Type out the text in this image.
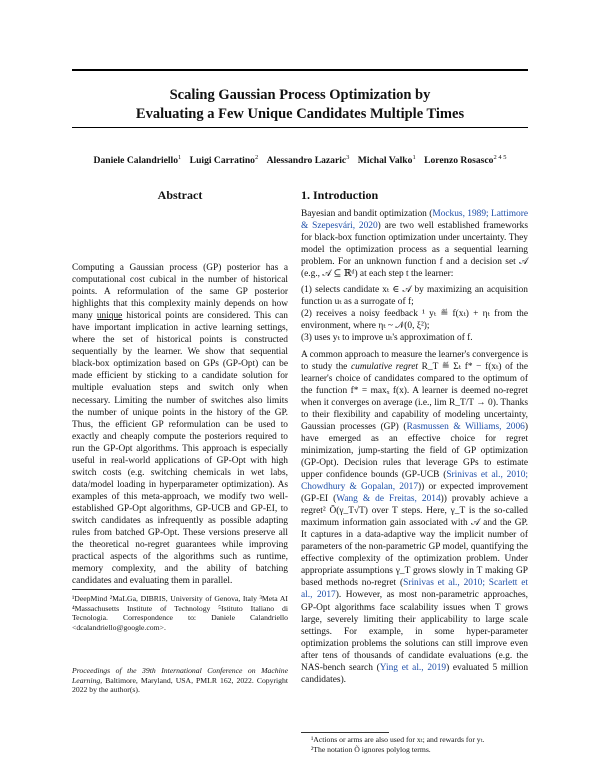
Scaling Gaussian Process Optimization by
Evaluating a Few Unique Candidates Multiple Times
Daniele Calandriello$^1$ Luigi Carratino$^2$ Alessandro Lazaric$^3$ Michal Valko$^1$ Lorenzo Rosasco$^{2 4 5}$
Abstract
Computing a Gaussian process (GP) posterior has a computational cost cubical in the number of historical points. A reformulation of the same GP posterior highlights that this complexity mainly depends on how many unique historical points are considered. This can have important implication in active learning settings, where the set of historical points is constructed sequentially by the learner. We show that sequential black-box optimization based on GPs (GP-Opt) can be made efficient by sticking to a candidate solution for multiple evaluation steps and switch only when necessary. Limiting the number of switches also limits the number of unique points in the history of the GP. Thus, the efficient GP reformulation can be used to exactly and cheaply compute the posteriors required to run the GP-Opt algorithms. This approach is especially useful in real-world applications of GP-Opt with high switch costs (e.g. switching chemicals in wet labs, data/model loading in hyperparameter optimization). As examples of this meta-approach, we modify two well-established GP-Opt algorithms, GP-UCB and GP-EI, to switch candidates as infrequently as possible adapting rules from batched GP-Opt. These versions preserve all the theoretical no-regret guarantees while improving practical aspects of the algorithms such as runtime, memory complexity, and the ability of batching candidates and evaluating them in parallel.
¹DeepMind ²MaLGa, DIBRIS, University of Genova, Italy ³Meta AI ⁴Massachusetts Institute of Technology ⁵Istituto Italiano di Tecnologia. Correspondence to: Daniele Calandriello <dcalandriello@google.com>.
Proceedings of the 39th International Conference on Machine Learning, Baltimore, Maryland, USA, PMLR 162, 2022. Copyright 2022 by the author(s).
1. Introduction

Bayesian and bandit optimization (Mockus, 1989; Lattimore & Szepesvári, 2020) are two well established frameworks for black-box function optimization under uncertainty. They model the optimization process as a sequential learning problem. For an unknown function f and a decision set 𝒜 (e.g., 𝒜 ⊆ ℝᵈ) at each step t the learner:

(1) selects candidate xₜ ∈ 𝒜 by maximizing an acquisition function uₜ as a surrogate of f;

(2) receives a noisy feedback ¹ yₜ ≝ f(xₜ) + ηₜ from the environment, where ηₜ ~ 𝒩(0, ξ²);

(3) uses yₜ to improve uₜ's approximation of f.

A common approach to measure the learner's convergence is to study the cumulative regret R_T ≝ Σₜ f* − f(xₜ) of the learner's choice of candidates compared to the optimum of the function f* = maxₓ f(x). A learner is deemed no-regret when it converges on average (i.e., lim R_T/T → 0). Thanks to their flexibility and capability of modeling uncertainty, Gaussian processes (GP) (Rasmussen & Williams, 2006) have emerged as an effective choice for regret minimization, jump-starting the field of GP optimization (GP-Opt). Decision rules that leverage GPs to estimate upper confidence bounds (GP-UCB (Srinivas et al., 2010; Chowdhury & Gopalan, 2017)) or expected improvement (GP-EI (Wang & de Freitas, 2014)) provably achieve a regret² Õ(γ_T√T) over T steps. Here, γ_T is the so-called maximum information gain associated with 𝒜 and the GP. It captures in a data-adaptive way the implicit number of parameters of the non-parametric GP model, quantifying the effective complexity of the optimization problem. Under appropriate assumptions γ_T grows slowly in T making GP based methods no-regret (Srinivas et al., 2010; Scarlett et al., 2017). However, as most non-parametric approaches, GP-Opt algorithms face scalability issues when T grows large, severely limiting their applicability to large scale settings. For example, in some hyper-parameter optimization problems the solutions can still improve even after tens of thousands of candidate evaluations (e.g. the NAS-bench search (Ying et al., 2019) evaluated 5 million candidates).

¹Actions or arms are also used for xₜ; and rewards for yₜ.
²The notation Õ ignores polylog terms.
